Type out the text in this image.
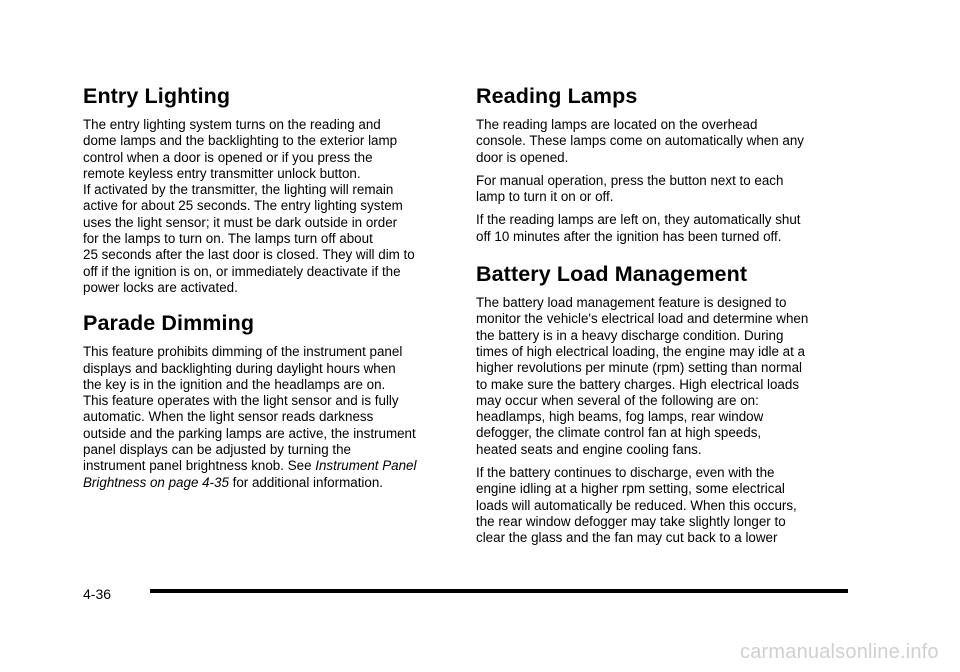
Entry Lighting
The entry lighting system turns on the reading and
dome lamps and the backlighting to the exterior lamp
control when a door is opened or if you press the
remote keyless entry transmitter unlock button.
If activated by the transmitter, the lighting will remain
active for about 25 seconds. The entry lighting system
uses the light sensor; it must be dark outside in order
for the lamps to turn on. The lamps turn off about
25 seconds after the last door is closed. They will dim to
off if the ignition is on, or immediately deactivate if the
power locks are activated.
Parade Dimming
This feature prohibits dimming of the instrument panel
displays and backlighting during daylight hours when
the key is in the ignition and the headlamps are on.
This feature operates with the light sensor and is fully
automatic. When the light sensor reads darkness
outside and the parking lamps are active, the instrument
panel displays can be adjusted by turning the
instrument panel brightness knob. See Instrument Panel
Brightness on page 4-35 for additional information.
Reading Lamps
The reading lamps are located on the overhead
console. These lamps come on automatically when any
door is opened.
For manual operation, press the button next to each
lamp to turn it on or off.
If the reading lamps are left on, they automatically shut
off 10 minutes after the ignition has been turned off.
Battery Load Management
The battery load management feature is designed to
monitor the vehicle's electrical load and determine when
the battery is in a heavy discharge condition. During
times of high electrical loading, the engine may idle at a
higher revolutions per minute (rpm) setting than normal
to make sure the battery charges. High electrical loads
may occur when several of the following are on:
headlamps, high beams, fog lamps, rear window
defogger, the climate control fan at high speeds,
heated seats and engine cooling fans.
If the battery continues to discharge, even with the
engine idling at a higher rpm setting, some electrical
loads will automatically be reduced. When this occurs,
the rear window defogger may take slightly longer to
clear the glass and the fan may cut back to a lower
4-36
carmanualsonline.info
